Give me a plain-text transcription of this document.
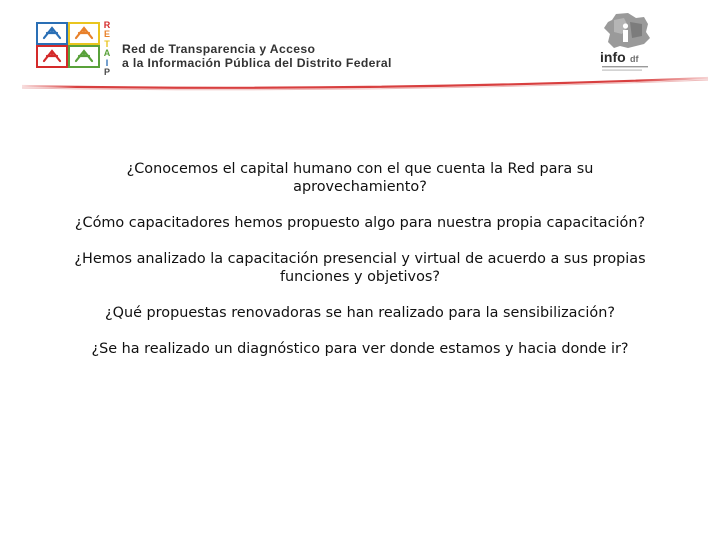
R
E
T
A
I
P
Red de Transparencia y Acceso
a la Información Pública del Distrito Federal	info df

¿Conocemos el capital humano con el que cuenta la Red para su aprovechamiento?

¿Cómo capacitadores hemos propuesto algo para nuestra propia capacitación?

¿Hemos analizado la capacitación presencial y virtual de acuerdo a sus propias funciones y objetivos?

¿Qué propuestas renovadoras se han realizado para la sensibilización?

¿Se ha realizado un diagnóstico para ver donde estamos y hacia donde ir?
